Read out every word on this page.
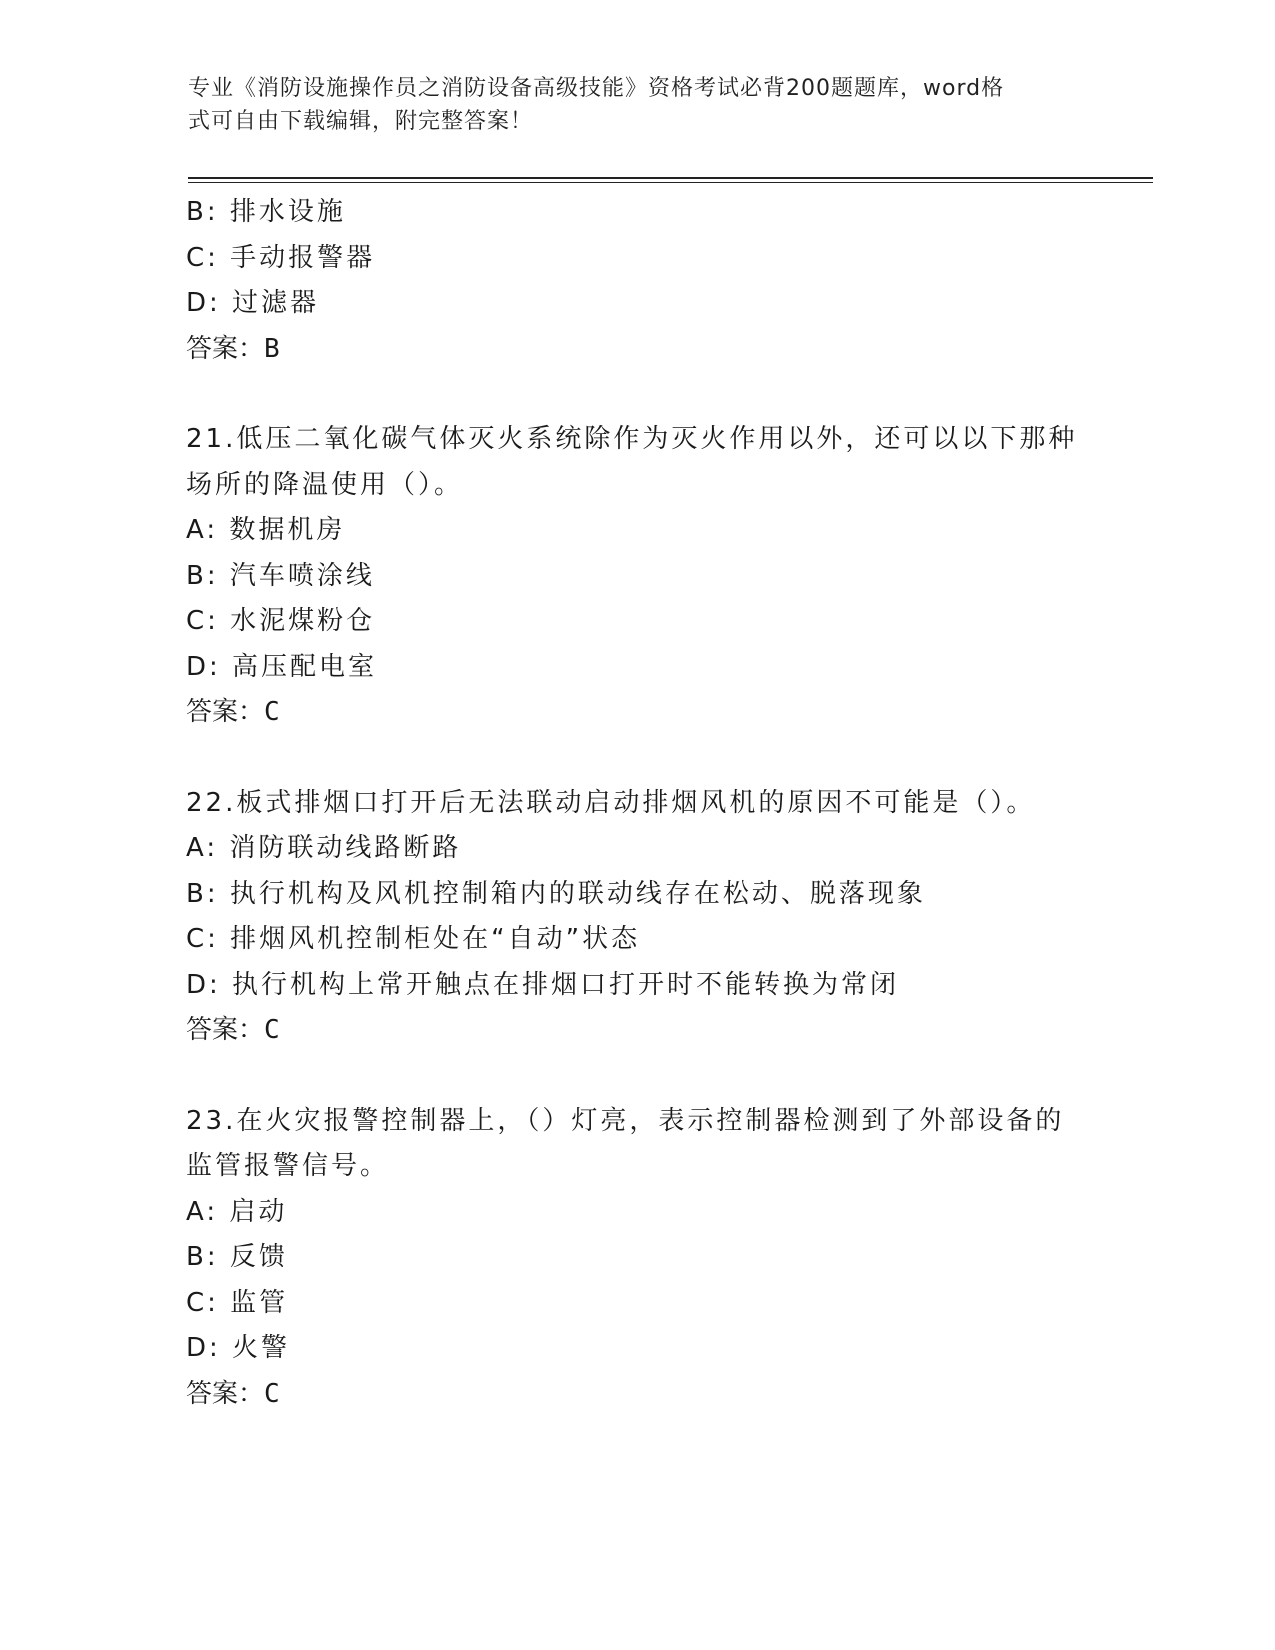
专业《消防设施操作员之消防设备高级技能》资格考试必背200题题库，word格
式可自由下载编辑，附完整答案！
B: 排水设施
C: 手动报警器
D: 过滤器
答案：B
21.低压二氧化碳气体灭火系统除作为灭火作用以外，还可以以下那种
场所的降温使用（）。
A: 数据机房
B: 汽车喷涂线
C: 水泥煤粉仓
D: 高压配电室
答案：C
22.板式排烟口打开后无法联动启动排烟风机的原因不可能是（）。
A: 消防联动线路断路
B: 执行机构及风机控制箱内的联动线存在松动、脱落现象
C: 排烟风机控制柜处在“自动”状态
D: 执行机构上常开触点在排烟口打开时不能转换为常闭
答案：C
23.在火灾报警控制器上，（）灯亮，表示控制器检测到了外部设备的
监管报警信号。
A: 启动
B: 反馈
C: 监管
D: 火警
答案：C
